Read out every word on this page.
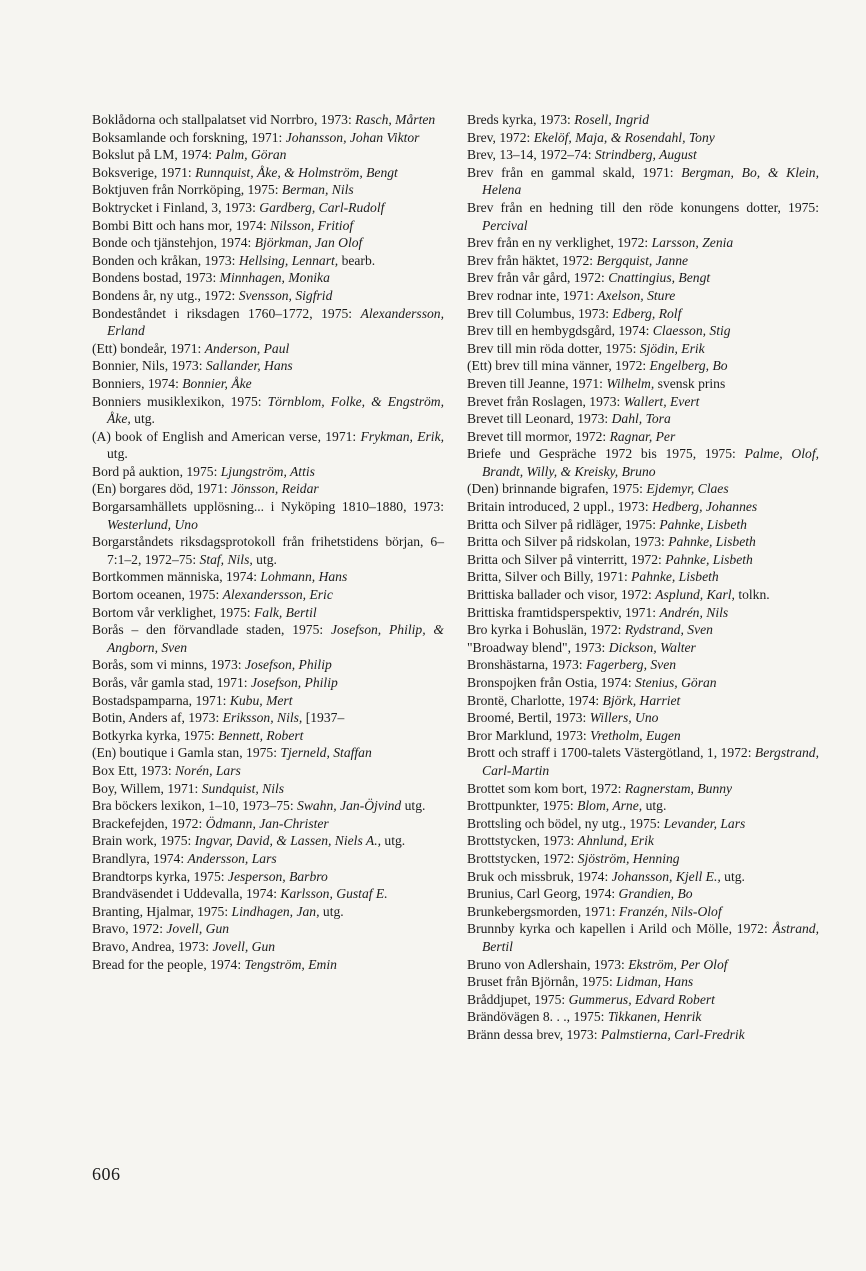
Boklådorna och stallpalatset vid Norrbro, 1973: Rasch, Mårten
Boksamlande och forskning, 1971: Johansson, Johan Viktor
Bokslut på LM, 1974: Palm, Göran
Boksverige, 1971: Runnquist, Åke, & Holmström, Bengt
Boktjuven från Norrköping, 1975: Berman, Nils
Boktrycket i Finland, 3, 1973: Gardberg, Carl-Rudolf
Bombi Bitt och hans mor, 1974: Nilsson, Fritiof
Bonde och tjänstehjon, 1974: Björkman, Jan Olof
Bonden och kråkan, 1973: Hellsing, Lennart, bearb.
Bondens bostad, 1973: Minnhagen, Monika
Bondens år, ny utg., 1972: Svensson, Sigfrid
Bondeståndet i riksdagen 1760–1772, 1975: Alexandersson, Erland
(Ett) bondeår, 1971: Anderson, Paul
Bonnier, Nils, 1973: Sallander, Hans
Bonniers, 1974: Bonnier, Åke
Bonniers musiklexikon, 1975: Törnblom, Folke, & Engström, Åke, utg.
(A) book of English and American verse, 1971: Frykman, Erik, utg.
Bord på auktion, 1975: Ljungström, Attis
(En) borgares död, 1971: Jönsson, Reidar
Borgarsamhällets upplösning... i Nyköping 1810–1880, 1973: Westerlund, Uno
Borgarståndets riksdagsprotokoll från frihetstidens början, 6–7:1–2, 1972–75: Staf, Nils, utg.
Bortkommen människa, 1974: Lohmann, Hans
Bortom oceanen, 1975: Alexandersson, Eric
Bortom vår verklighet, 1975: Falk, Bertil
Borås – den förvandlade staden, 1975: Josefson, Philip, & Angborn, Sven
Borås, som vi minns, 1973: Josefson, Philip
Borås, vår gamla stad, 1971: Josefson, Philip
Bostadspamparna, 1971: Kubu, Mert
Botin, Anders af, 1973: Eriksson, Nils, [1937–
Botkyrka kyrka, 1975: Bennett, Robert
(En) boutique i Gamla stan, 1975: Tjerneld, Staffan
Box Ett, 1973: Norén, Lars
Boy, Willem, 1971: Sundquist, Nils
Bra böckers lexikon, 1–10, 1973–75: Swahn, Jan-Öjvind utg.
Brackefejden, 1972: Ödmann, Jan-Christer
Brain work, 1975: Ingvar, David, & Lassen, Niels A., utg.
Brandlyra, 1974: Andersson, Lars
Brandtorps kyrka, 1975: Jesperson, Barbro
Brandväsendet i Uddevalla, 1974: Karlsson, Gustaf E.
Branting, Hjalmar, 1975: Lindhagen, Jan, utg.
Bravo, 1972: Jovell, Gun
Bravo, Andrea, 1973: Jovell, Gun
Bread for the people, 1974: Tengström, Emin
Breds kyrka, 1973: Rosell, Ingrid
Brev, 1972: Ekelöf, Maja, & Rosendahl, Tony
Brev, 13–14, 1972–74: Strindberg, August
Brev från en gammal skald, 1971: Bergman, Bo, & Klein, Helena
Brev från en hedning till den röde konungens dotter, 1975: Percival
Brev från en ny verklighet, 1972: Larsson, Zenia
Brev från häktet, 1972: Bergquist, Janne
Brev från vår gård, 1972: Cnattingius, Bengt
Brev rodnar inte, 1971: Axelson, Sture
Brev till Columbus, 1973: Edberg, Rolf
Brev till en hembygdsgård, 1974: Claesson, Stig
Brev till min röda dotter, 1975: Sjödin, Erik
(Ett) brev till mina vänner, 1972: Engelberg, Bo
Breven till Jeanne, 1971: Wilhelm, svensk prins
Brevet från Roslagen, 1973: Wallert, Evert
Brevet till Leonard, 1973: Dahl, Tora
Brevet till mormor, 1972: Ragnar, Per
Briefe und Gespräche 1972 bis 1975, 1975: Palme, Olof, Brandt, Willy, & Kreisky, Bruno
(Den) brinnande bigrafen, 1975: Ejdemyr, Claes
Britain introduced, 2 uppl., 1973: Hedberg, Johannes
Britta och Silver på ridläger, 1975: Pahnke, Lisbeth
Britta och Silver på ridskolan, 1973: Pahnke, Lisbeth
Britta och Silver på vinterritt, 1972: Pahnke, Lisbeth
Britta, Silver och Billy, 1971: Pahnke, Lisbeth
Brittiska ballader och visor, 1972: Asplund, Karl, tolkn.
Brittiska framtidsperspektiv, 1971: Andrén, Nils
Bro kyrka i Bohuslän, 1972: Rydstrand, Sven
"Broadway blend", 1973: Dickson, Walter
Bronshästarna, 1973: Fagerberg, Sven
Bronspojken från Ostia, 1974: Stenius, Göran
Brontë, Charlotte, 1974: Björk, Harriet
Broomé, Bertil, 1973: Willers, Uno
Bror Marklund, 1973: Vretholm, Eugen
Brott och straff i 1700-talets Västergötland, 1, 1972: Bergstrand, Carl-Martin
Brottet som kom bort, 1972: Ragnerstam, Bunny
Brottpunkter, 1975: Blom, Arne, utg.
Brottsling och bödel, ny utg., 1975: Levander, Lars
Brottstycken, 1973: Ahnlund, Erik
Brottstycken, 1972: Sjöström, Henning
Bruk och missbruk, 1974: Johansson, Kjell E., utg.
Brunius, Carl Georg, 1974: Grandien, Bo
Brunkebergsmorden, 1971: Franzén, Nils-Olof
Brunnby kyrka och kapellen i Arild och Mölle, 1972: Åstrand, Bertil
Bruno von Adlershain, 1973: Ekström, Per Olof
Bruset från Björnån, 1975: Lidman, Hans
Bråddjupet, 1975: Gummerus, Edvard Robert
Brändövägen 8. . ., 1975: Tikkanen, Henrik
Bränn dessa brev, 1973: Palmstierna, Carl-Fredrik
606
